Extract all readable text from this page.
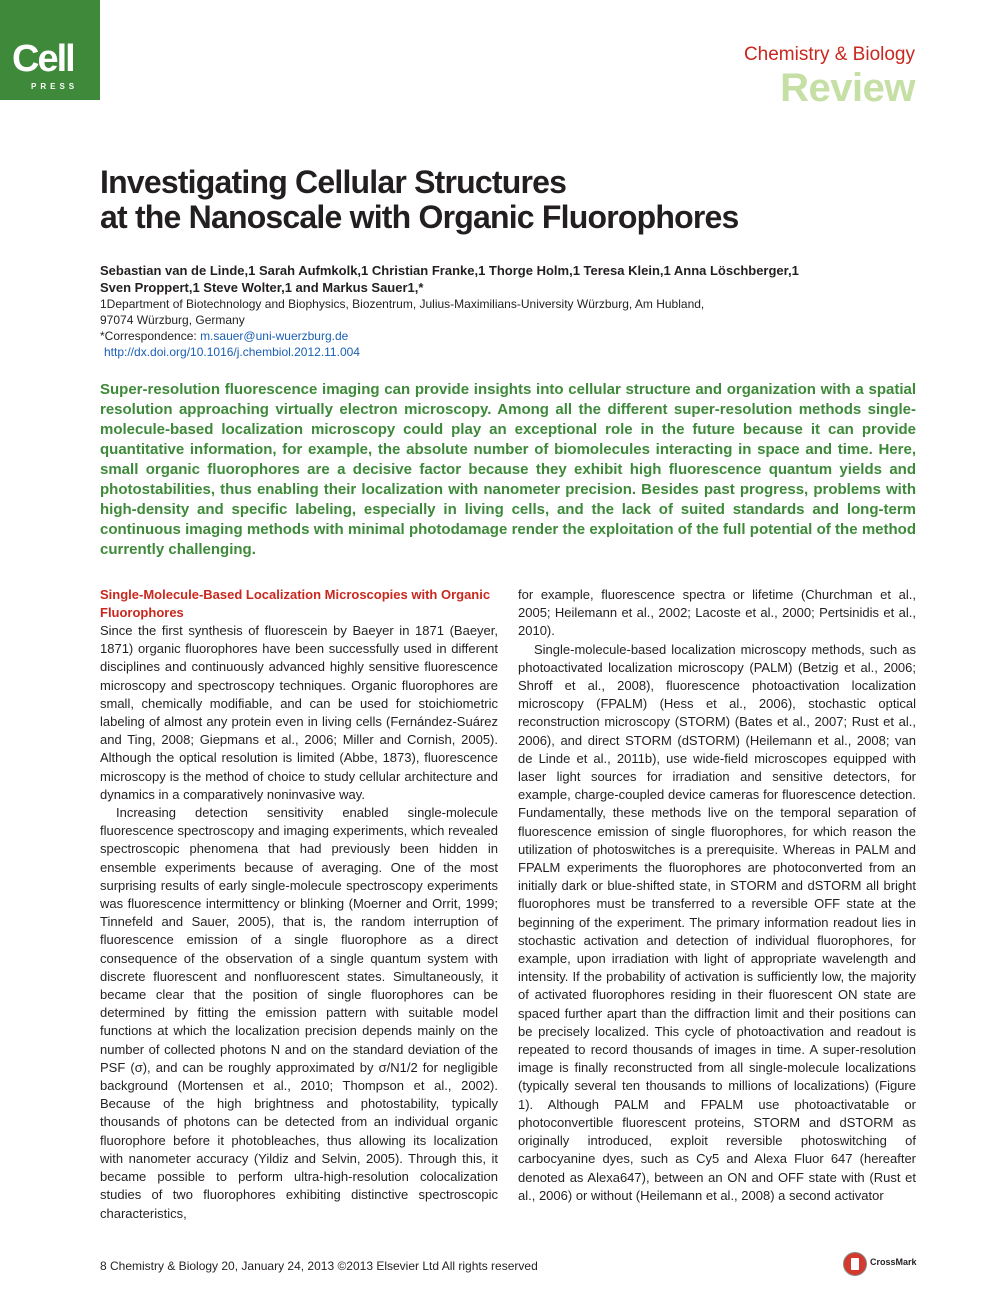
Cell
PRESS
Chemistry & Biology
Review
Investigating Cellular Structures
at the Nanoscale with Organic Fluorophores
Sebastian van de Linde,1 Sarah Aufmkolk,1 Christian Franke,1 Thorge Holm,1 Teresa Klein,1 Anna Löschberger,1
Sven Proppert,1 Steve Wolter,1 and Markus Sauer1,*
1Department of Biotechnology and Biophysics, Biozentrum, Julius-Maximilians-University Würzburg, Am Hubland,
97074 Würzburg, Germany
*Correspondence: m.sauer@uni-wuerzburg.de
http://dx.doi.org/10.1016/j.chembiol.2012.11.004

Super-resolution fluorescence imaging can provide insights into cellular structure and organization with a spatial resolution approaching virtually electron microscopy. Among all the different super-resolution methods single-molecule-based localization microscopy could play an exceptional role in the future because it can provide quantitative information, for example, the absolute number of biomolecules interacting in space and time. Here, small organic fluorophores are a decisive factor because they exhibit high fluorescence quantum yields and photostabilities, thus enabling their localization with nanometer precision. Besides past progress, problems with high-density and specific labeling, especially in living cells, and the lack of suited standards and long-term continuous imaging methods with minimal photodamage render the exploitation of the full potential of the method currently challenging.

Single-Molecule-Based Localization Microscopies with Organic Fluorophores

Since the first synthesis of fluorescein by Baeyer in 1871 (Baeyer, 1871) organic fluorophores have been successfully used in different disciplines and continuously advanced highly sensitive fluorescence microscopy and spectroscopy techniques. Organic fluorophores are small, chemically modifiable, and can be used for stoichiometric labeling of almost any protein even in living cells (Fernández-Suárez and Ting, 2008; Giepmans et al., 2006; Miller and Cornish, 2005). Although the optical resolution is limited (Abbe, 1873), fluorescence microscopy is the method of choice to study cellular architecture and dynamics in a comparatively noninvasive way.

Increasing detection sensitivity enabled single-molecule fluorescence spectroscopy and imaging experiments, which revealed spectroscopic phenomena that had previously been hidden in ensemble experiments because of averaging. One of the most surprising results of early single-molecule spectroscopy experiments was fluorescence intermittency or blinking (Moerner and Orrit, 1999; Tinnefeld and Sauer, 2005), that is, the random interruption of fluorescence emission of a single fluorophore as a direct consequence of the observation of a single quantum system with discrete fluorescent and nonfluorescent states. Simultaneously, it became clear that the position of single fluorophores can be determined by fitting the emission pattern with suitable model functions at which the localization precision depends mainly on the number of collected photons N and on the standard deviation of the PSF (σ), and can be roughly approximated by σ/N1/2 for negligible background (Mortensen et al., 2010; Thompson et al., 2002). Because of the high brightness and photostability, typically thousands of photons can be detected from an individual organic fluorophore before it photobleaches, thus allowing its localization with nanometer accuracy (Yildiz and Selvin, 2005). Through this, it became possible to perform ultra-high-resolution colocalization studies of two fluorophores exhibiting distinctive spectroscopic characteristics,

for example, fluorescence spectra or lifetime (Churchman et al., 2005; Heilemann et al., 2002; Lacoste et al., 2000; Pertsinidis et al., 2010).

Single-molecule-based localization microscopy methods, such as photoactivated localization microscopy (PALM) (Betzig et al., 2006; Shroff et al., 2008), fluorescence photoactivation localization microscopy (FPALM) (Hess et al., 2006), stochastic optical reconstruction microscopy (STORM) (Bates et al., 2007; Rust et al., 2006), and direct STORM (dSTORM) (Heilemann et al., 2008; van de Linde et al., 2011b), use wide-field microscopes equipped with laser light sources for irradiation and sensitive detectors, for example, charge-coupled device cameras for fluorescence detection. Fundamentally, these methods live on the temporal separation of fluorescence emission of single fluorophores, for which reason the utilization of photoswitches is a prerequisite. Whereas in PALM and FPALM experiments the fluorophores are photoconverted from an initially dark or blue-shifted state, in STORM and dSTORM all bright fluorophores must be transferred to a reversible OFF state at the beginning of the experiment. The primary information readout lies in stochastic activation and detection of individual fluorophores, for example, upon irradiation with light of appropriate wavelength and intensity. If the probability of activation is sufficiently low, the majority of activated fluorophores residing in their fluorescent ON state are spaced further apart than the diffraction limit and their positions can be precisely localized. This cycle of photoactivation and readout is repeated to record thousands of images in time. A super-resolution image is finally reconstructed from all single-molecule localizations (typically several ten thousands to millions of localizations) (Figure 1). Although PALM and FPALM use photoactivatable or photoconvertible fluorescent proteins, STORM and dSTORM as originally introduced, exploit reversible photoswitching of carbocyanine dyes, such as Cy5 and Alexa Fluor 647 (hereafter denoted as Alexa647), between an ON and OFF state with (Rust et al., 2006) or without (Heilemann et al., 2008) a second activator

8 Chemistry & Biology 20, January 24, 2013 ©2013 Elsevier Ltd All rights reserved	CrossMark
